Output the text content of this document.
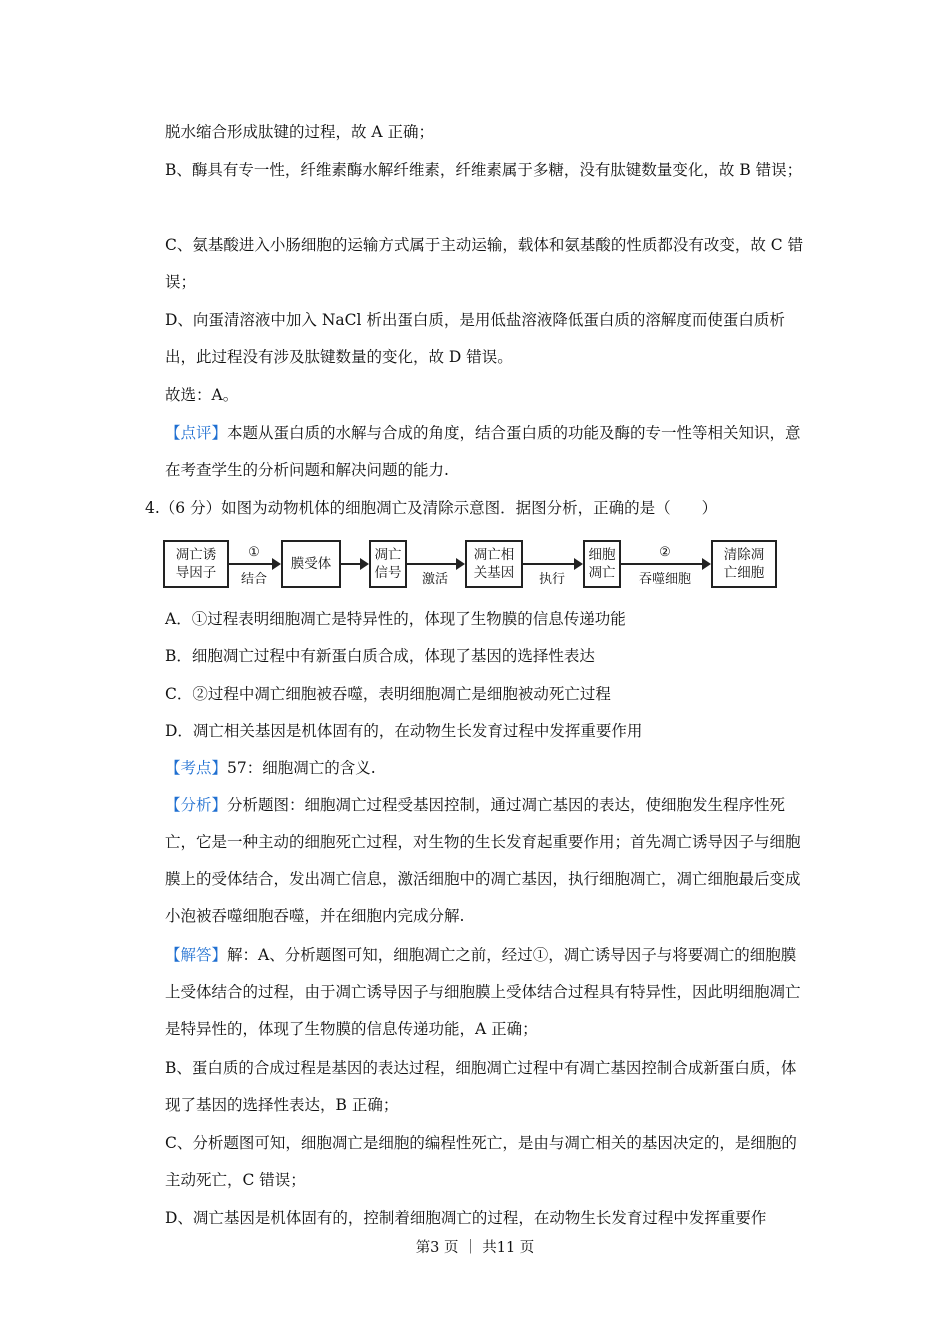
脱水缩合形成肽键的过程，故 A 正确；

B、酶具有专一性，纤维素酶水解纤维素，纤维素属于多糖，没有肽键数量变化，故 B 错误；

C、氨基酸进入小肠细胞的运输方式属于主动运输，载体和氨基酸的性质都没有改变，故 C 错误；

D、向蛋清溶液中加入 NaCl 析出蛋白质，是用低盐溶液降低蛋白质的溶解度而使蛋白质析出，此过程没有涉及肽键数量的变化，故 D 错误。

故选：A。

【点评】本题从蛋白质的水解与合成的角度，结合蛋白质的功能及酶的专一性等相关知识，意在考查学生的分析问题和解决问题的能力.

4.（6 分）如图为动物机体的细胞凋亡及清除示意图．据图分析，正确的是（　　）
凋亡诱
导因子
①
结合
膜受体
凋亡
信号	激活
凋亡相
关基因	执行
细胞
凋亡
②
吞噬细胞
清除凋
亡细胞
A．①过程表明细胞凋亡是特异性的，体现了生物膜的信息传递功能
B．细胞凋亡过程中有新蛋白质合成，体现了基因的选择性表达
C．②过程中凋亡细胞被吞噬，表明细胞凋亡是细胞被动死亡过程
D．凋亡相关基因是机体固有的，在动物生长发育过程中发挥重要作用

【考点】57：细胞凋亡的含义.

【分析】分析题图：细胞凋亡过程受基因控制，通过凋亡基因的表达，使细胞发生程序性死亡，它是一种主动的细胞死亡过程，对生物的生长发育起重要作用；首先凋亡诱导因子与细胞膜上的受体结合，发出凋亡信息，激活细胞中的凋亡基因，执行细胞凋亡，凋亡细胞最后变成小泡被吞噬细胞吞噬，并在细胞内完成分解.

【解答】解：A、分析题图可知，细胞凋亡之前，经过①，凋亡诱导因子与将要凋亡的细胞膜上受体结合的过程，由于凋亡诱导因子与细胞膜上受体结合过程具有特异性，因此明细胞凋亡是特异性的，体现了生物膜的信息传递功能，A 正确；

B、蛋白质的合成过程是基因的表达过程，细胞凋亡过程中有凋亡基因控制合成新蛋白质，体现了基因的选择性表达，B 正确；

C、分析题图可知，细胞凋亡是细胞的编程性死亡，是由与凋亡相关的基因决定的，是细胞的主动死亡，C 错误；

D、凋亡基因是机体固有的，控制着细胞凋亡的过程，在动物生长发育过程中发挥重要作

第3 页 ｜ 共11 页
